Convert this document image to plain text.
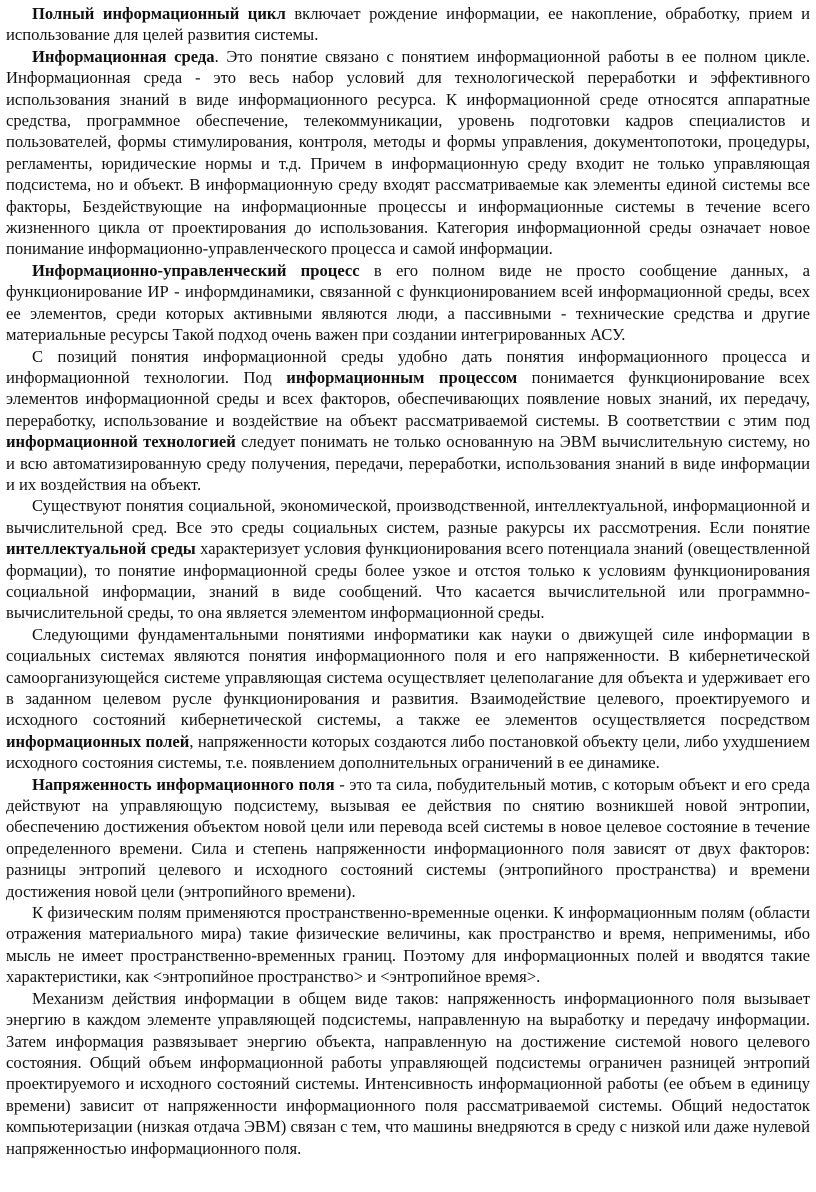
Полный информационный цикл включает рождение информации, ее накопление, обработку, прием и использование для целей развития системы.

Информационная среда. Это понятие связано с понятием информационной работы в ее полном цикле. Информационная среда - это весь набор условий для технологической переработки и эффективного использования знаний в виде информационного ресурса. К информационной среде относятся аппаратные средства, программное обеспечение, телекоммуникации, уровень подготовки кадров специалистов и пользователей, формы стимулирования, контроля, методы и формы управления, документопотоки, процедуры, регламенты, юридические нормы и т.д. Причем в информационную среду входит не только управляющая подсистема, но и объект. В информационную среду входят рассматриваемые как элементы единой системы все факторы, Бездействующие на информационные процессы и информационные системы в течение всего жизненного цикла от проектирования до использования. Категория информационной среды означает новое понимание информационно-управленческого процесса и самой информации.

Информационно-управленческий процесс в его полном виде не просто сообщение данных, а функционирование ИР - информдинамики, связанной с функционированием всей информационной среды, всех ее элементов, среди которых активными являются люди, а пассивными - технические средства и другие материальные ресурсы Такой подход очень важен при создании интегрированных АСУ.

С позиций понятия информационной среды удобно дать понятия информационного процесса и информационной технологии. Под информационным процессом понимается функционирование всех элементов информационной среды и всех факторов, обеспечивающих появление новых знаний, их передачу, переработку, использование и воздействие на объект рассматриваемой системы. В соответствии с этим под информационной технологией следует понимать не только основанную на ЭВМ вычислительную систему, но и всю автоматизированную среду получения, передачи, переработки, использования знаний в виде информации и их воздействия на объект.

Существуют понятия социальной, экономической, производственной, интеллектуальной, информационной и вычислительной сред. Все это среды социальных систем, разные ракурсы их рассмотрения. Если понятие интеллектуальной среды характеризует условия функционирования всего потенциала знаний (овеществленной формации), то понятие информационной среды более узкое и отстоя только к условиям функционирования социальной информации, знаний в виде сообщений. Что касается вычислительной или программно-вычислительной среды, то она является элементом информационной среды.

Следующими фундаментальными понятиями информатики как науки о движущей силе информации в социальных системах являются понятия информационного поля и его напряженности. В кибернетической самоорганизующейся системе управляющая система осуществляет целеполагание для объекта и удерживает его в заданном целевом русле функционирования и развития. Взаимодействие целевого, проектируемого и исходного состояний кибернетической системы, а также ее элементов осуществляется посредством информационных полей, напряженности которых создаются либо постановкой объекту цели, либо ухудшением исходного состояния системы, т.е. появлением дополнительных ограничений в ее динамике.

Напряженность информационного поля - это та сила, побудительный мотив, с которым объект и его среда действуют на управляющую подсистему, вызывая ее действия по снятию возникшей новой энтропии, обеспечению достижения объектом новой цели или перевода всей системы в новое целевое состояние в течение определенного времени. Сила и степень напряженности информационного поля зависят от двух факторов: разницы энтропий целевого и исходного состояний системы (энтропийного пространства) и времени достижения новой цели (энтропийного времени).

К физическим полям применяются пространственно-временные оценки. К информационным полям (области отражения материального мира) такие физические величины, как пространство и время, неприменимы, ибо мысль не имеет пространственно-временных границ. Поэтому для информационных полей и вводятся такие характеристики, как <энтропийное пространство> и <энтропийное время>.

Механизм действия информации в общем виде таков: напряженность информационного поля вызывает энергию в каждом элементе управляющей подсистемы, направленную на выработку и передачу информации. Затем информация развязывает энергию объекта, направленную на достижение системой нового целевого состояния. Общий объем информационной работы управляющей подсистемы ограничен разницей энтропий проектируемого и исходного состояний системы. Интенсивность информационной работы (ее объем в единицу времени) зависит от напряженности информационного поля рассматриваемой системы. Общий недостаток компьютеризации (низкая отдача ЭВМ) связан с тем, что машины внедряются в среду с низкой или даже нулевой напряженностью информационного поля.
